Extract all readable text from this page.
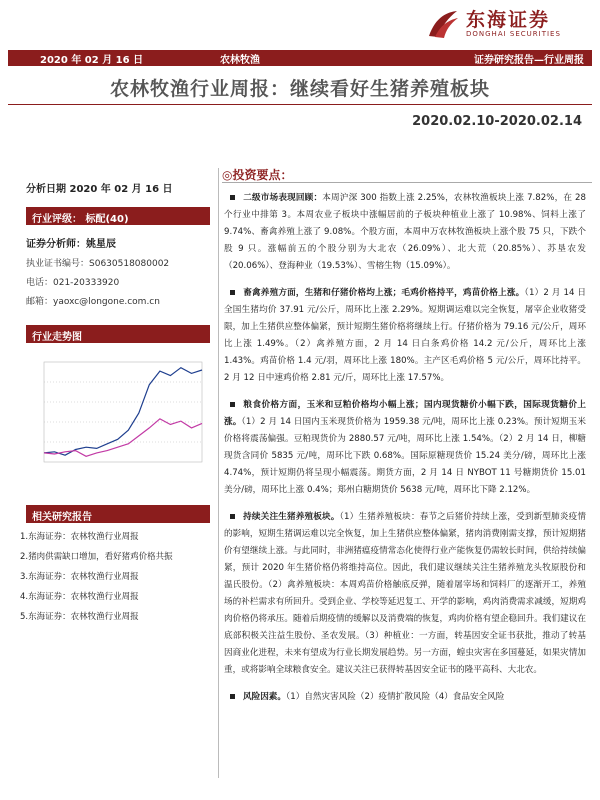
东海证券
DONGHAI SECURITIES
2020 年 02 月 16 日	农林牧渔	证券研究报告—行业周报
农林牧渔行业周报：继续看好生猪养殖板块
2020.02.10-2020.02.14
分析日期 2020 年 02 月 16 日
行业评级： 标配(40)
证券分析师：姚星辰
执业证书编号：S0630518080002
电话：021-20333920
邮箱：yaoxc@longone.com.cn
行业走势图
相关研究报告
1.东海证券：农林牧渔行业周报
2.猪肉供需缺口增加，看好猪鸡价格共振
3.东海证券：农林牧渔行业周报
4.东海证券：农林牧渔行业周报
5.东海证券：农林牧渔行业周报
◎投资要点：
二级市场表现回顾：本周沪深 300 指数上涨 2.25%，农林牧渔板块上涨 7.82%，在 28 个行业中排第 3。本周农业子板块中涨幅居前的子板块种植业上涨了 10.98%、饲料上涨了 9.74%、畜禽养殖上涨了 9.08%。个股方面，本周申万农林牧渔板块上涨个股 75 只，下跌个股 9 只。涨幅前五的个股分别为大北农（26.09%）、北大荒（20.85%）、苏垦农发（20.06%）、登海种业（19.53%）、雪榕生物（15.09%）。
畜禽养殖方面，生猪和仔猪价格均上涨；毛鸡价格持平，鸡苗价格上涨。（1）2 月 14 日全国生猪均价 37.91 元/公斤，周环比上涨 2.29%。短期调运难以完全恢复，屠宰企业收猪受限，加上生猪供应整体偏紧，预计短期生猪价格将继续上行。仔猪价格为 79.16 元/公斤，周环比上涨 1.49%。（2）禽养殖方面，2 月 14 日白条鸡价格 14.2 元/公斤，周环比上涨 1.43%。鸡苗价格 1.4 元/羽，周环比上涨 180%。主产区毛鸡价格 5 元/公斤，周环比持平。2 月 12 日中速鸡价格 2.81 元/斤，周环比上涨 17.57%。
粮食价格方面，玉米和豆粕价格均小幅上涨；国内现货糖价小幅下跌，国际现货糖价上涨。（1）2 月 14 日国内玉米现货价格为 1959.38 元/吨，周环比上涨 0.23%。预计短期玉米价格将震荡偏强。豆粕现货价为 2880.57 元/吨，周环比上涨 1.54%。（2）2 月 14 日，柳糖现货含同价 5835 元/吨，周环比下跌 0.68%。国际原糖现货价 15.24 美分/磅，周环比上涨 4.74%，预计短期仍将呈现小幅震荡。期货方面，2 月 14 日 NYBOT 11 号糖期货价 15.01 美分/磅，周环比上涨 0.4%；郑州白糖期货价 5638 元/吨，周环比下降 2.12%。
持续关注生猪养殖板块。（1）生猪养殖板块：春节之后猪价持续上涨，受到新型肺炎疫情的影响，短期生猪调运难以完全恢复，加上生猪供应整体偏紧，猪肉消费刚需支撑，预计短期猪价有望继续上涨。与此同时，非洲猪瘟疫情常态化使得行业产能恢复仍需较长时间，供给持续偏紧，预计 2020 年生猪价格仍将维持高位。因此，我们建议继续关注生猪养殖龙头牧原股份和温氏股份。（2）禽养殖板块：本周鸡苗价格触底反弹，随着屠宰场和饲料厂的逐渐开工，养殖场的补栏需求有所回升。受到企业、学校等延迟复工、开学的影响，鸡肉消费需求减缓，短期鸡肉价格仍将承压。随着后期疫情的缓解以及消费端的恢复，鸡肉价格有望企稳回升。我们建议在底部积极关注益生股份、圣农发展。（3）种植业：一方面，转基因安全证书获批，推动了转基因商业化进程，未来有望成为行业长期发展趋势。另一方面，蝗虫灾害在多国蔓延，如果灾情加重，或将影响全球粮食安全。建议关注已获得转基因安全证书的隆平高科、大北农。
风险因素。（1）自然灾害风险（2）疫情扩散风险（4）食品安全风险
